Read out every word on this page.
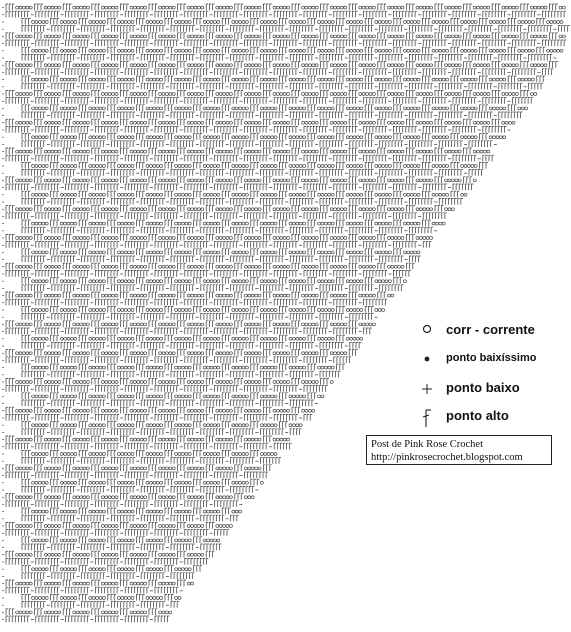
corr - corrente
ponto baixíssimo
ponto baixo
ponto alto
Post de Pink Rose Crochet
http://pinkrosecrochet.blogspot.com
